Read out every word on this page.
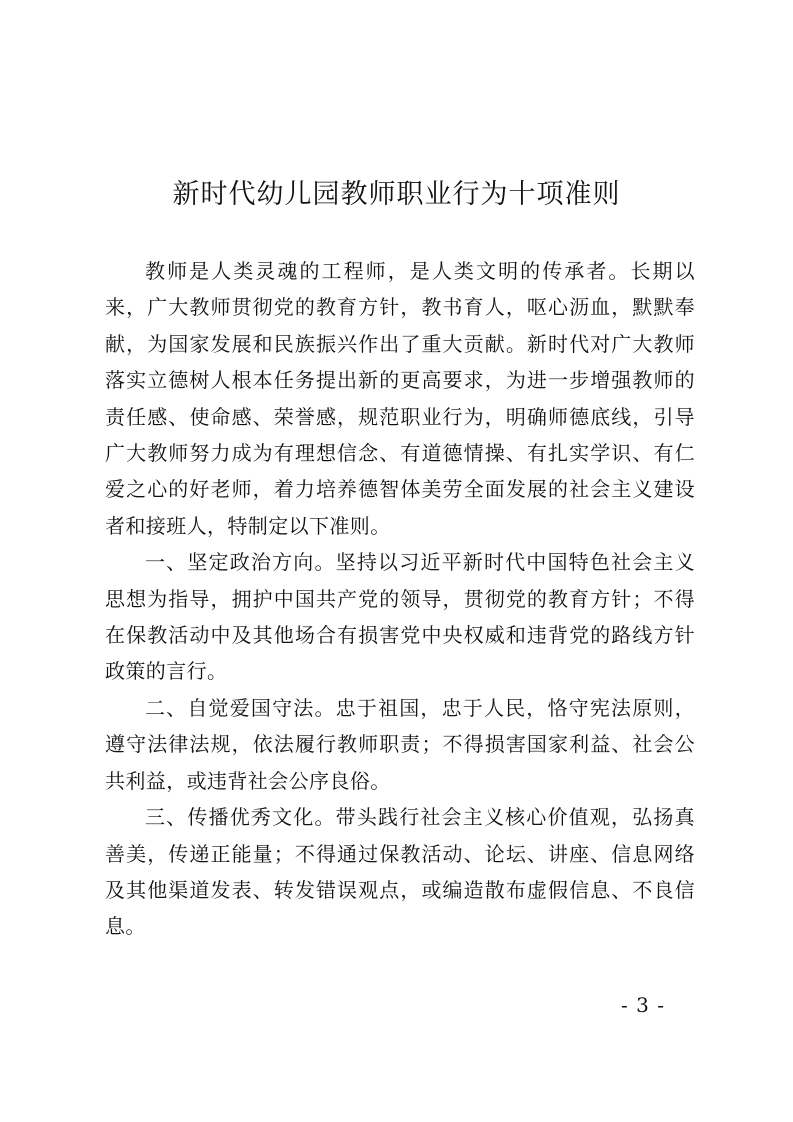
新时代幼儿园教师职业行为十项准则

教师是人类灵魂的工程师，是人类文明的传承者。长期以来，广大教师贯彻党的教育方针，教书育人，呕心沥血，默默奉献，为国家发展和民族振兴作出了重大贡献。新时代对广大教师落实立德树人根本任务提出新的更高要求，为进一步增强教师的责任感、使命感、荣誉感，规范职业行为，明确师德底线，引导广大教师努力成为有理想信念、有道德情操、有扎实学识、有仁爱之心的好老师，着力培养德智体美劳全面发展的社会主义建设者和接班人，特制定以下准则。

一、坚定政治方向。坚持以习近平新时代中国特色社会主义思想为指导，拥护中国共产党的领导，贯彻党的教育方针；不得在保教活动中及其他场合有损害党中央权威和违背党的路线方针政策的言行。

二、自觉爱国守法。忠于祖国，忠于人民，恪守宪法原则，遵守法律法规，依法履行教师职责；不得损害国家利益、社会公共利益，或违背社会公序良俗。

三、传播优秀文化。带头践行社会主义核心价值观，弘扬真善美，传递正能量；不得通过保教活动、论坛、讲座、信息网络及其他渠道发表、转发错误观点，或编造散布虚假信息、不良信息。

- 3 -
